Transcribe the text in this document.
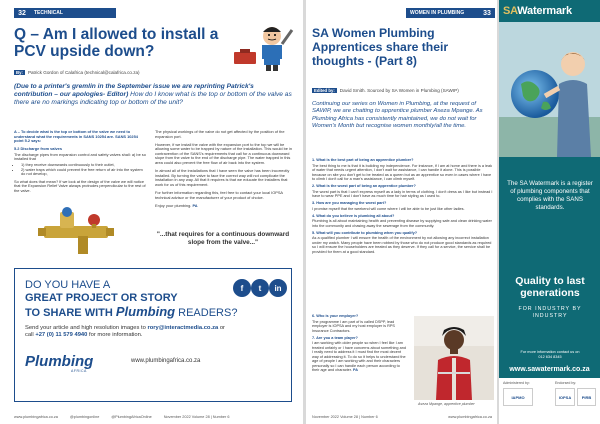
32	TECHNICAL
Q – Am I allowed to install a PCV upside down?
By:	Patrick Gordon of Calafrica (technical@calafrica.co.za)
(Due to a printer's gremlin in the September issue we are reprinting Patrick's contribution – our apologies- Editor) How do I know what is the top or bottom of the valve as there are no markings indicating top or bottom of the unit?

A – To decide what is the top or bottom of the valve we need to understand what the requirements in SANS 10254 are. SANS 10254 point 5.2 says:

5.2 Discharge from valves

The discharge pipes from expansion control and safety valves shall: a) be so installed that

• 1) they receive downwards continuously to their outlet,
• 2) water traps which could prevent the free return of air into the system do not develop,

So what does that mean? If we look at the design of the valve we will notice that the Expansion Relief Valve always protrudes perpendicular to the rest of the valve.

The physical workings of the valve do not get affected by the position of the expansion port.

However, if we install the valve with the expansion port to the top we will be allowing some water to be trapped by nature of the installation. This would be in contravention of the SANS's requirements that call for a continuous downward slope from the valve to the end of the discharge pipe. The water trapped in this area could also prevent the free flow of air back into the system.

In almost all of the installations that I have seen the valve has been incorrectly installed. By turning the valve to face the correct way will not complicate the installation in any way. All that it requires is that we educate the installers that work for us of this requirement.

For further information regarding this, feel free to contact your local IOPSA technical advisor or the manufacturer of your product of choice.

Enjoy your plumbing. PA

"...that requires for a continuous downward slope from the valve..."
DO YOU HAVE A
GREAT PROJECT OR STORY
TO SHARE WITH Plumbing READERS?
f	t	in
Send your article and high resolution images to rory@interactmedia.co.za or call +27 (0) 11 579 4940 for more information.
Plumbing
AFRICA
www.plumbingafrica.co.za
www.plumbingafrica.co.za	@plumbingonline	@PlumbingAfricaOnline	November 2022 Volume 28 | Number 6
WOMEN IN PLUMBING	33
SA Women Plumbing Apprentices share their thoughts - (Part 8)
Edited by:	David Smith. Sourced by SA Women in Plumbing (SAWIP)
Continuing our series on Women in Plumbing, at the request of SAWIP, we are chatting to apprentice plumber Aseza Mpange. As Plumbing Africa has consistently maintained, we do not wait for Women's Month but recognise women monthly/all the time.
1. What is the best part of being an apprentice plumber?

The best thing to me is that it is building my independence. For instance, if I am at home and there is a leak of water that needs urgent attention, I don't wait for assistance, I can handle it alone. This is possible because on site you don't get to be treated as a queen but as an apprentice so even in cases where I have to climb I don't call for a man's assistance, I can climb myself.

2. What is the worst part of being an apprentice plumber?

The worst part is that I can't express myself as a lady in terms of clothing. I don't dress as I like but instead I have to wear PPE and I don't have as much time for hair styling as I used to.

3. How are you managing the worst part?

I promise myself that the weekend will come where I will be able to be just like other ladies.

4. What do you believe is plumbing all about?

Plumbing is all about maintaining health and preventing disease by supplying safe and clean drinking water into the community and chasing away the sewerage from the community.

5. What will you contribute to plumbing when you qualify?

As a qualified plumber I will ensure the health of the environment by not allowing any incorrect installation under my watch. Many people have been robbed by those who do not produce good standards as required so I will ensure the householders are treated as they deserve. If they call for a service, the service shall be provided for them at a good standard.

6. Who is your employer?

The programme I am part of is called DSPP, lead employer is IOPSA and my host employer is RPS Insurance Contractors.

7. Are you a team player?

I am working with older people so when I feel like I am treated unfairly or I have concerns about something and I really need to address it I must find the most decent way of addressing it. To do so it helps to understand the age of people I am working with and their characters personally so I can handle each person according to their age and character. PA

Aseza Mpange, apprentice plumber
November 2022 Volume 28 | Number 6	www.plumbingafrica.co.za
SAWatermark
The SA Watermark is a register of plumbing components that complies with the SANS standards.
Quality to last generations
FOR INDUSTRY BY INDUSTRY
For more information contact us on
012 634 8345
www.sawatermark.co.za
Administered by:	Endorsed by:
IAPMO	IOPSA	PIRB
